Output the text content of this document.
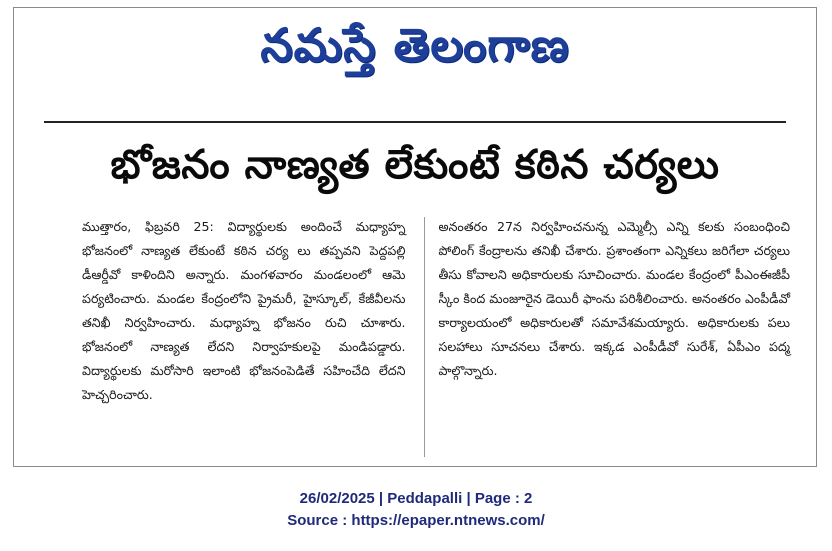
నమస్తే తెలంగాణ
భోజనం నాణ్యత లేకుంటే కఠిన చర్యలు

ముత్తారం, ఫిబ్రవరి 25: విద్యార్థులకు అందించే మధ్యాహ్న భోజనంలో నాణ్యత లేకుంటే కఠిన చర్య లు తప్పవని పెద్దపల్లి డీఆర్డీవో కాళిందిని అన్నారు. మంగళవారం మండలంలో ఆమె పర్యటించారు. మండల కేంద్రంలోని ప్రైమరీ, హైస్కూల్, కేజీవీలను తనిఖీ నిర్వహించారు. మధ్యాహ్న భోజనం రుచి చూశారు. భోజనంలో నాణ్యత లేదని నిర్వాహకులపై మండిపడ్డారు. విద్యార్థులకు మరోసారి ఇలాంటి భోజనంపెడితే సహించేది లేదని హెచ్చరించారు.

అనంతరం 27న నిర్వహించనున్న ఎమ్మెల్సీ ఎన్ని కలకు సంబంధించి పోలింగ్ కేంద్రాలను తనిఖీ చేశారు. ప్రశాంతంగా ఎన్నికలు జరిగేలా చర్యలు తీసు కోవాలని అధికారులకు సూచించారు. మండల కేంద్రంలో పీఎంఈజీపీ స్కీం కింద మంజూరైన డెయిరీ ఫాంను పరిశీలించారు. అనంతరం ఎంపీడీవో కార్యాలయంలో అధికారులతో సమావేశమయ్యారు. అధికారులకు పలు సలహాలు సూచనలు చేశారు. ఇక్కడ ఎంపీడీవో సురేశ్, ఏపీఎం పద్మ పాల్గొన్నారు.

26/02/2025 | Peddapalli | Page : 2
Source : https://epaper.ntnews.com/
